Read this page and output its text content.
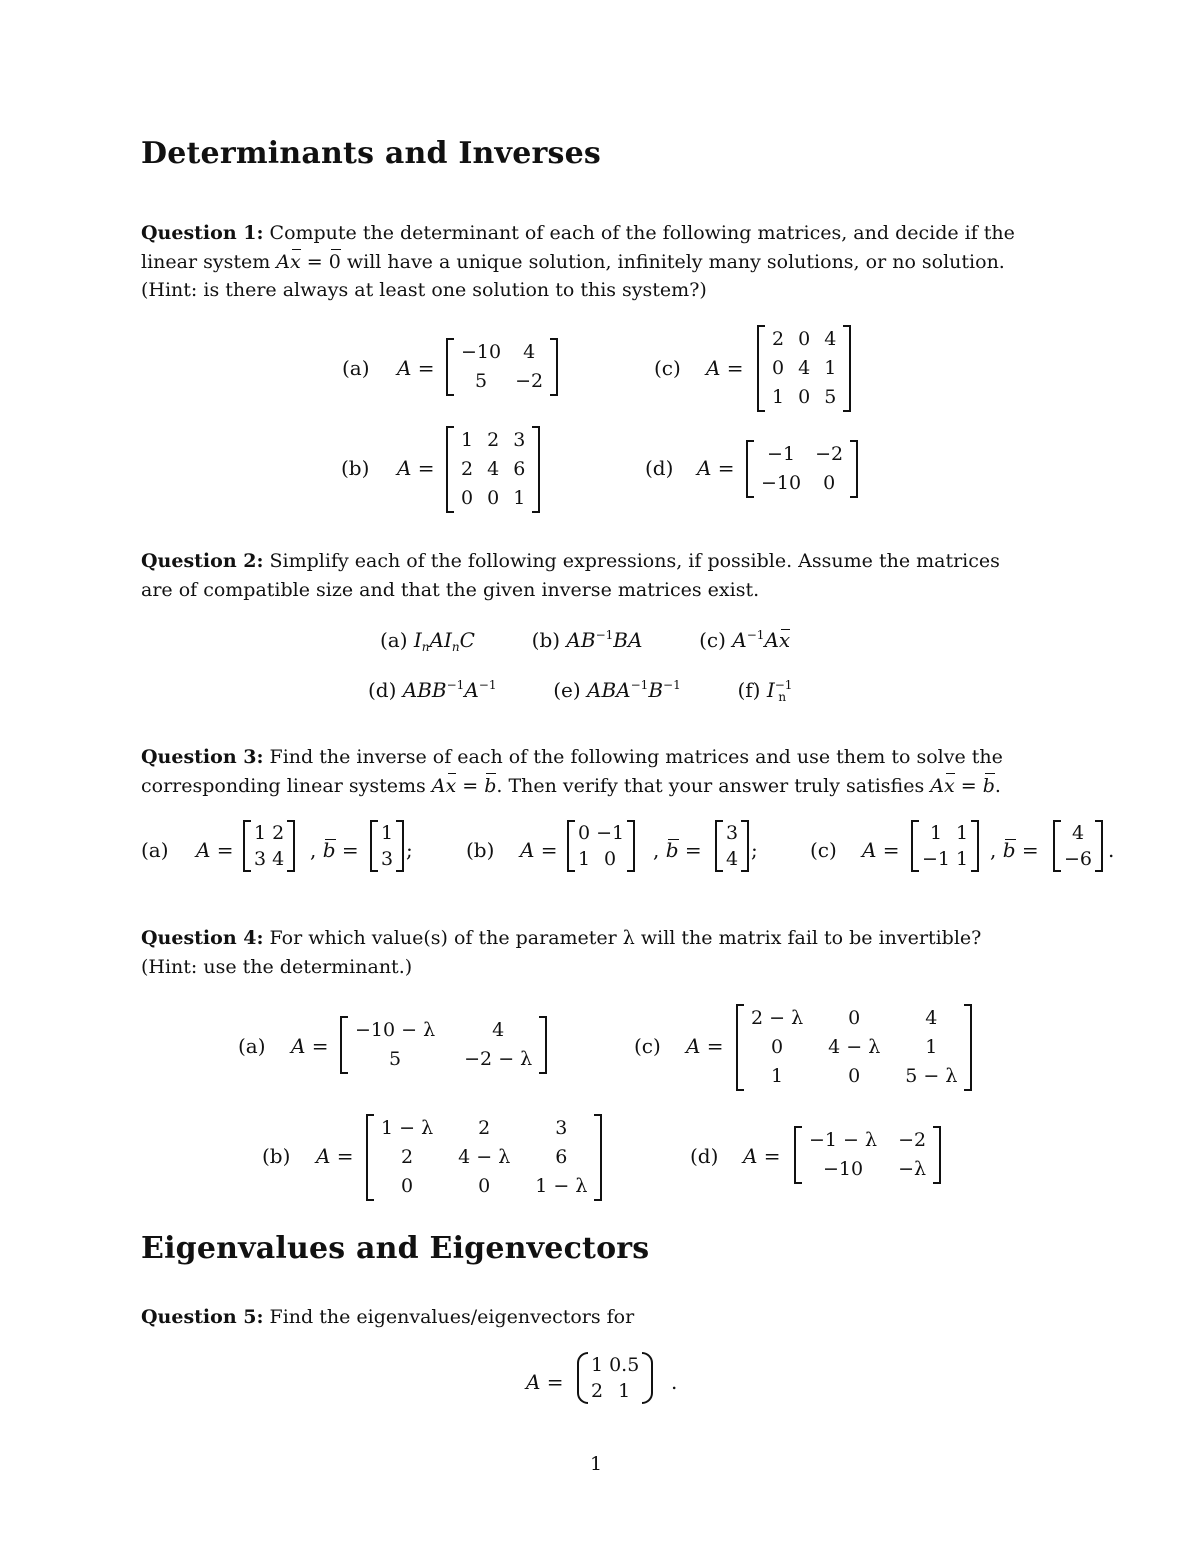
Determinants and Inverses

Question 1: Compute the determinant of each of the following matrices, and decide if the

linear system Ax = 0 will have a unique solution, infinitely many solutions, or no solution.

(Hint: is there always at least one solution to this system?)

(a) A =
−10	4
5	−2
(c) A =
2	0	4
0	4	1
1	0	5
(b) A =
1	2	3
2	4	6
0	0	1
(d) A =
−1	−2
−10	0

Question 2: Simplify each of the following expressions, if possible. Assume the matrices

are of compatible size and that the given inverse matrices exist.

(a) $I_nAI_nC$	(b) $AB^{-1}BA$	(c) $A^{-1}Ax$
(d) $ABB^{-1}A^{-1}$	(e) $ABA^{-1}B^{-1}$	(f) $I^{-1}_n$

Question 3: Find the inverse of each of the following matrices and use them to solve the

corresponding linear systems Ax = b. Then verify that your answer truly satisfies Ax = b.

(a) A =
1	2
3	4 , b =
1
3 ;	(b) A =
0	−1
1	0 , b =
3
4 ;	(c) A =
1	1
−1	1 , b =
4
−6 .

Question 4: For which value(s) of the parameter λ will the matrix fail to be invertible?

(Hint: use the determinant.)

(a) A =
−10 − λ	4
5	−2 − λ
(c) A =
2 − λ	0	4
0	4 − λ	1
1	0	5 − λ
(b) A =
1 − λ	2	3
2	4 − λ	6
0	0	1 − λ
(d) A =
−1 − λ	−2
−10	−λ
Eigenvalues and Eigenvectors

Question 5: Find the eigenvalues/eigenvectors for

A =
1	0.5
2	1 .
1
